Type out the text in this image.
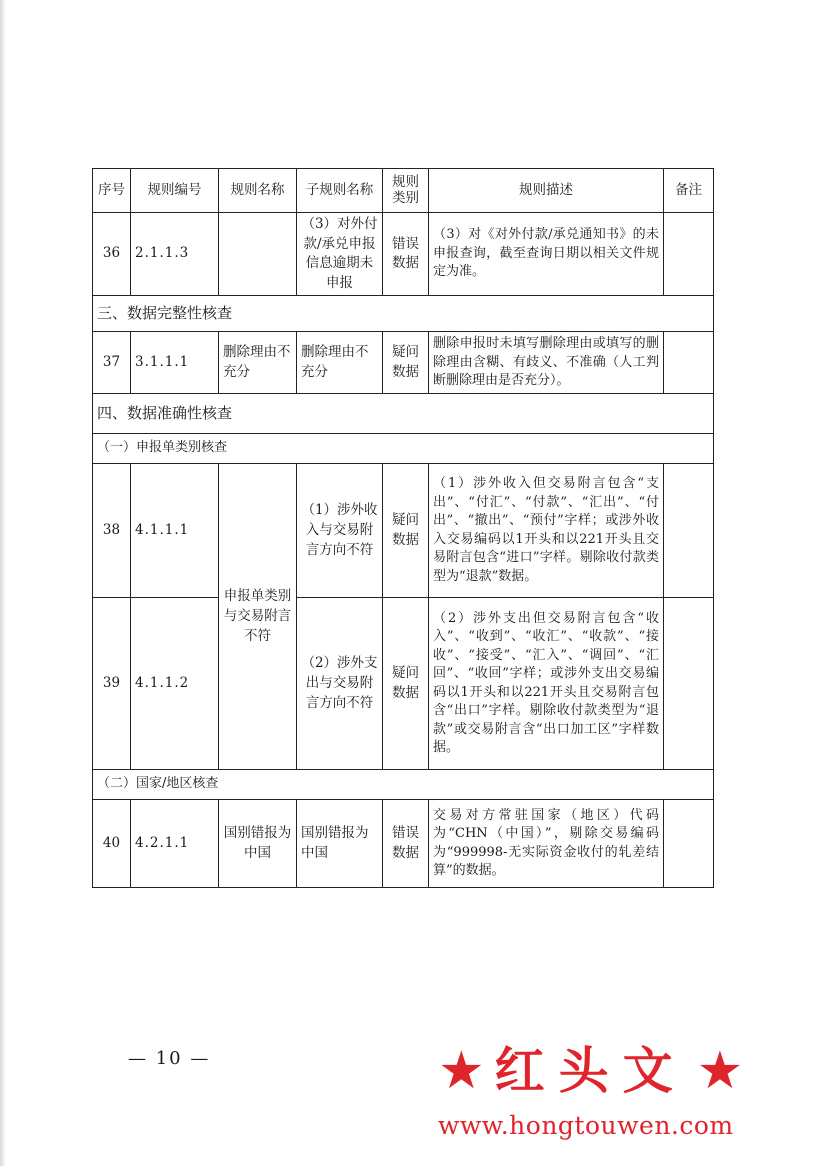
序号	规则编号	规则名称	子规则名称	规则类别	规则描述	备注
36	2.1.1.3		（3）对外付款/承兑申报信息逾期未申报	错误数据	（3）对《对外付款/承兑通知书》的未申报查询，截至查询日期以相关文件规定为准。	
三、数据完整性核查						
37	3.1.1.1	删除理由不充分	删除理由不充分	疑问数据	删除申报时未填写删除理由或填写的删除理由含糊、有歧义、不准确（人工判断删除理由是否充分）。	
四、数据准确性核查						
（一）申报单类别核查						
38	4.1.1.1	申报单类别与交易附言不符	（1）涉外收入与交易附言方向不符	疑问数据	（1）涉外收入但交易附言包含“支出”、“付汇”、“付款”、“汇出”、“付出”、“撤出”、“预付”字样；或涉外收入交易编码以1开头和以221开头且交易附言包含“进口”字样。剔除收付款类型为“退款”数据。	
39	4.1.1.2		（2）涉外支出与交易附言方向不符	疑问数据	（2）涉外支出但交易附言包含“收入”、“收到”、“收汇”、“收款”、“接收”、“接受”、“汇入”、“调回”、“汇回”、“收回”字样；或涉外支出交易编码以1开头和以221开头且交易附言包含“出口”字样。剔除收付款类型为“退款”或交易附言含“出口加工区”字样数据。	
（二）国家/地区核查						
40	4.2.1.1	国别错报为中国	国别错报为中国	错误数据	交易对方常驻国家（地区）代码为“CHN（中国）”，剔除交易编码为“999998-无实际资金收付的轧差结算”的数据。	
— 10 —	★ 红头文 ★
www.hongtouwen.com
